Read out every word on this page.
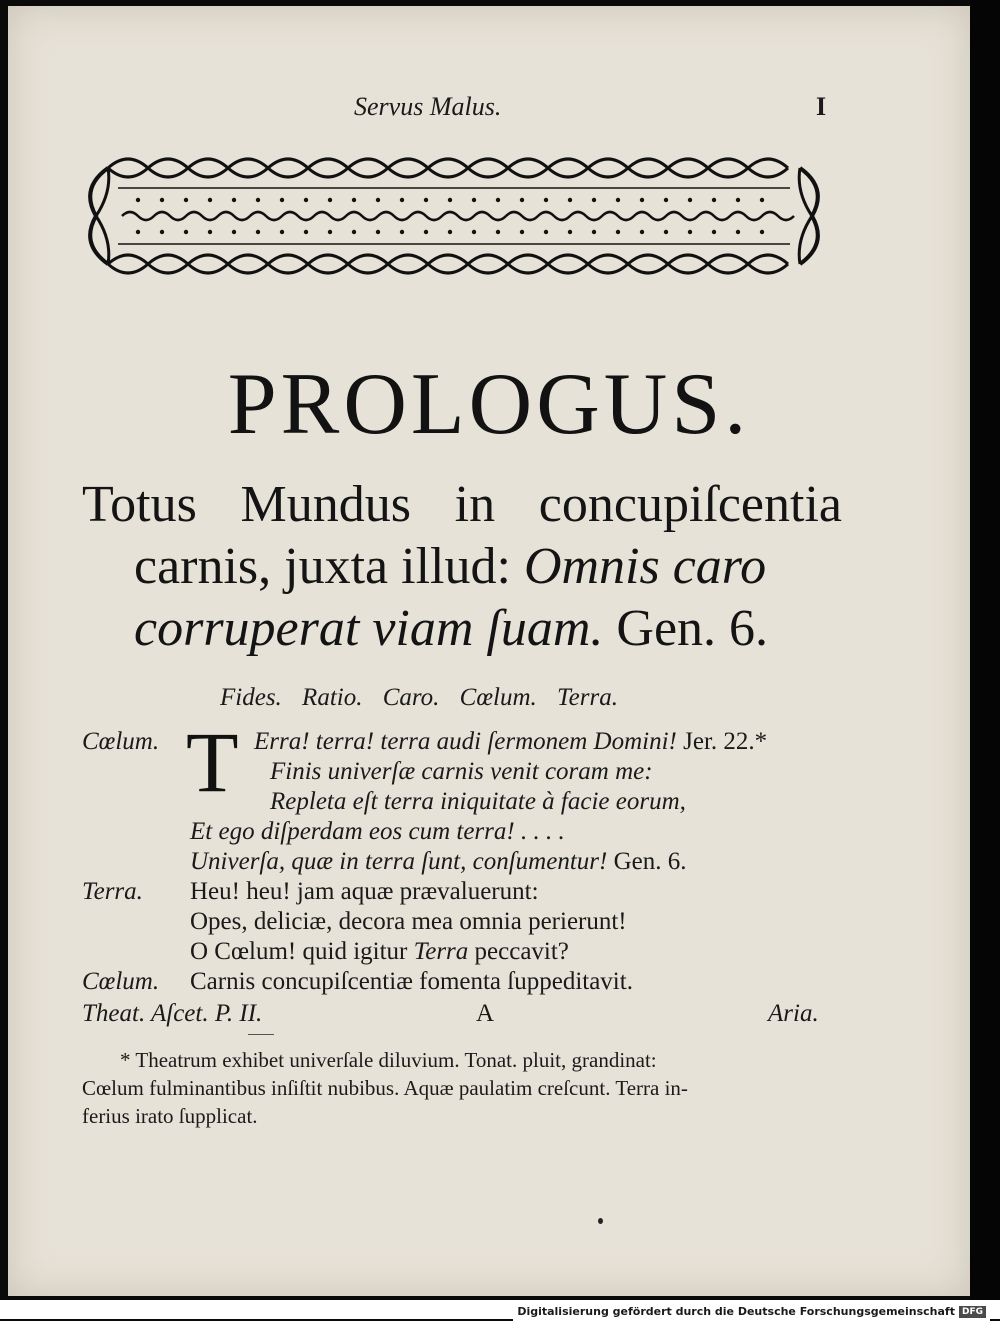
Servus Malus.	I
PROLOGUS.
Totus Mundus in concupiſcentia
carnis, juxta illud: Omnis caro
corruperat viam ſuam. Gen. 6.
Fides. Ratio. Caro. Cœlum. Terra.
Cœlum. T Erra! terra! terra audi ſermonem Domini! Jer. 22.*
Finis univerſæ carnis venit coram me:
Repleta eſt terra iniquitate à facie eorum,
Et ego diſperdam eos cum terra! . . . .
Univerſa, quæ in terra ſunt, conſumentur! Gen. 6.
Terra. Heu! heu! jam aquæ prævaluerunt:
Opes, deliciæ, decora mea omnia perierunt!
O Cœlum! quid igitur Terra peccavit?
Cœlum. Carnis concupiſcentiæ fomenta ſuppeditavit.
Theat. Aſcet. P. II.	A	Aria.
* Theatrum exhibet univerſale diluvium. Tonat. pluit, grandinat:
Cœlum fulminantibus inſiſtit nubibus. Aquæ paulatim creſcunt. Terra in-
ferius irato ſupplicat.
Digitalisierung gefördert durch die Deutsche Forschungsgemeinschaft DFG
